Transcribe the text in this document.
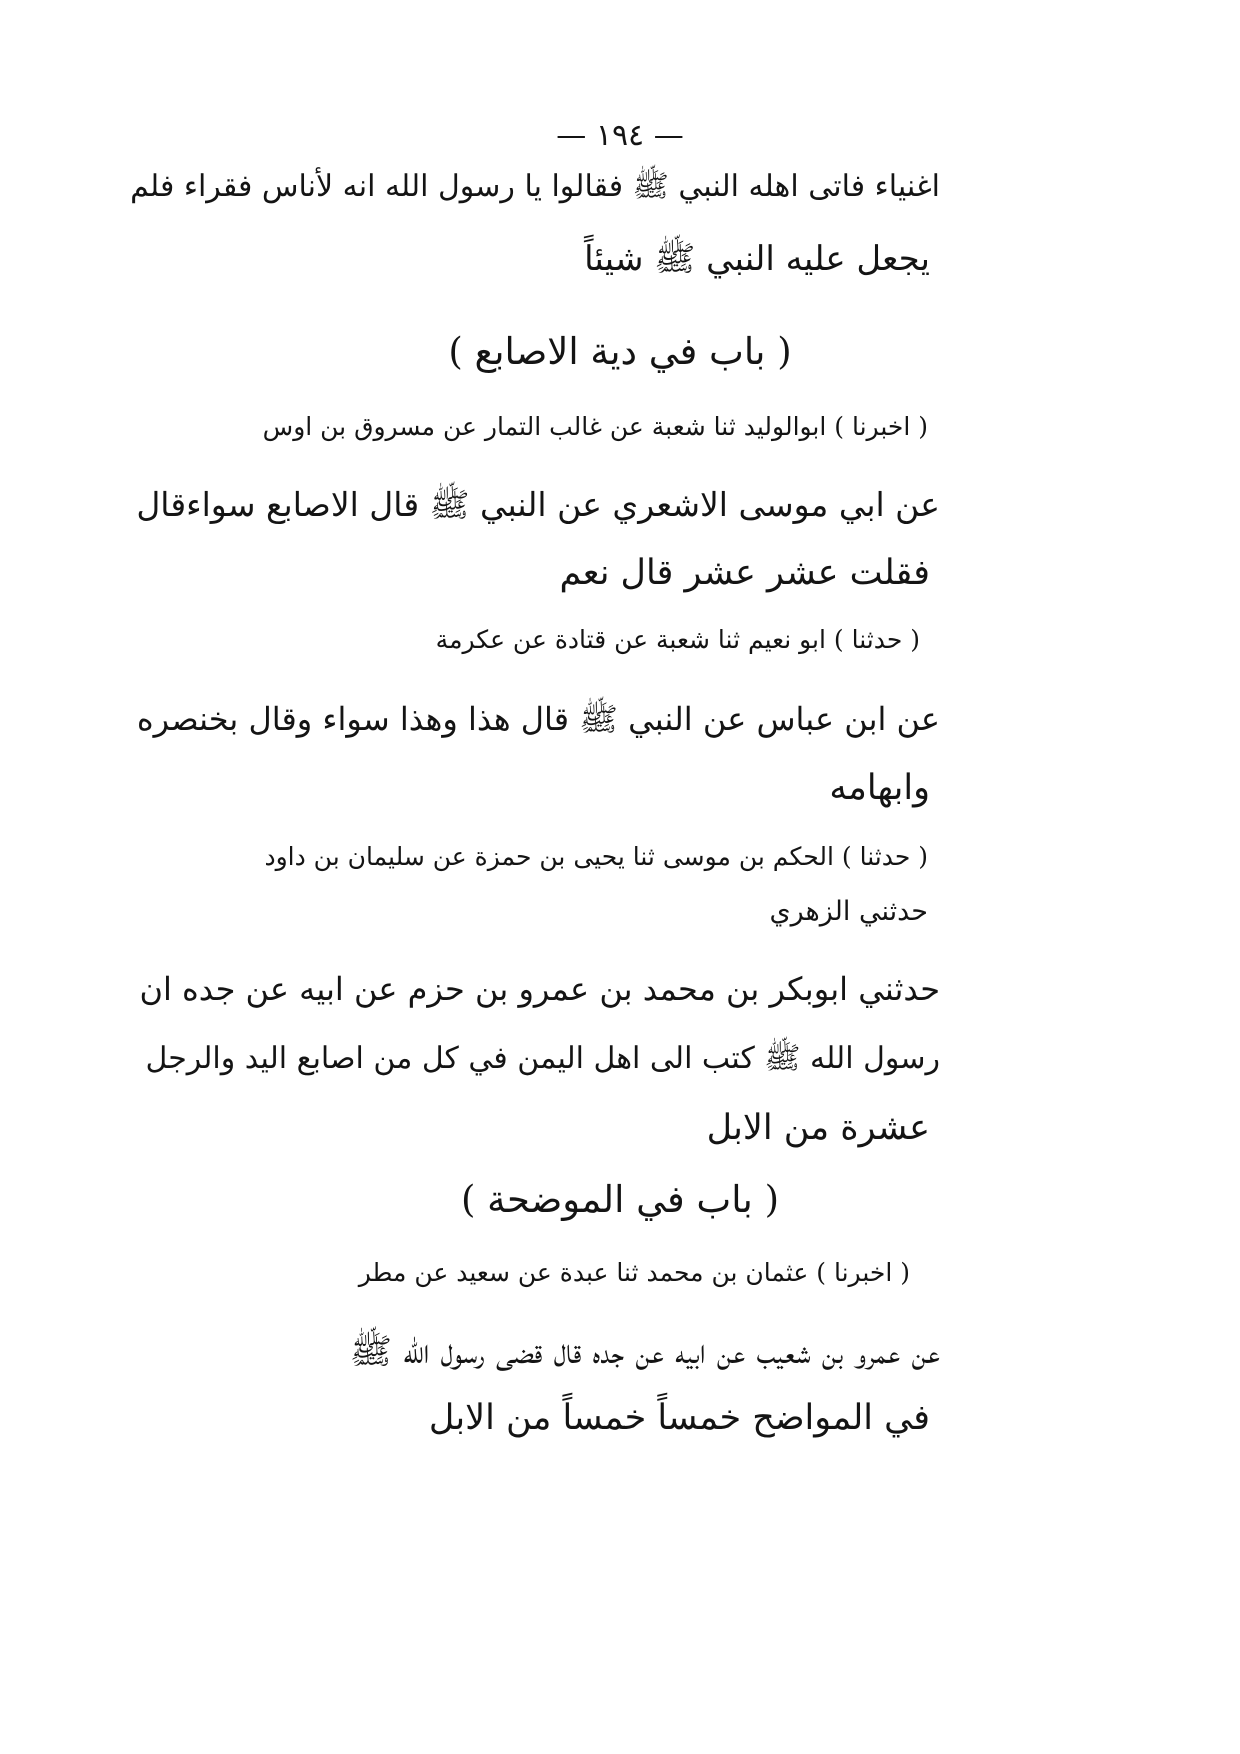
— ١٩٤ —
اغنياء فاتى اهله النبي ﷺ فقالوا يا رسول الله انه لأناس فقراء فلم
يجعل عليه النبي ﷺ شيئاً
( باب في دية الاصابع )
( اخبرنا ) ابوالوليد ثنا شعبة عن غالب التمار عن مسروق بن اوس
عن ابي موسى الاشعري عن النبي ﷺ قال الاصابع سواءقال
فقلت عشر عشر قال نعم
( حدثنا ) ابو نعيم ثنا شعبة عن قتادة عن عكرمة
عن ابن عباس عن النبي ﷺ قال هذا وهذا سواء وقال بخنصره
وابهامه
( حدثنا ) الحكم بن موسى ثنا يحيى بن حمزة عن سليمان بن داود
حدثني الزهري
حدثني ابوبكر بن محمد بن عمرو بن حزم عن ابيه عن جده ان
رسول الله ﷺ كتب الى اهل اليمن في كل من اصابع اليد والرجل
عشرة من الابل
( باب في الموضحة )
( اخبرنا ) عثمان بن محمد ثنا عبدة عن سعيد عن مطر
عن عمرو بن شعيب عن ابيه عن جده قال قضى رسول الله ﷺ
في المواضح خمساً خمساً من الابل
